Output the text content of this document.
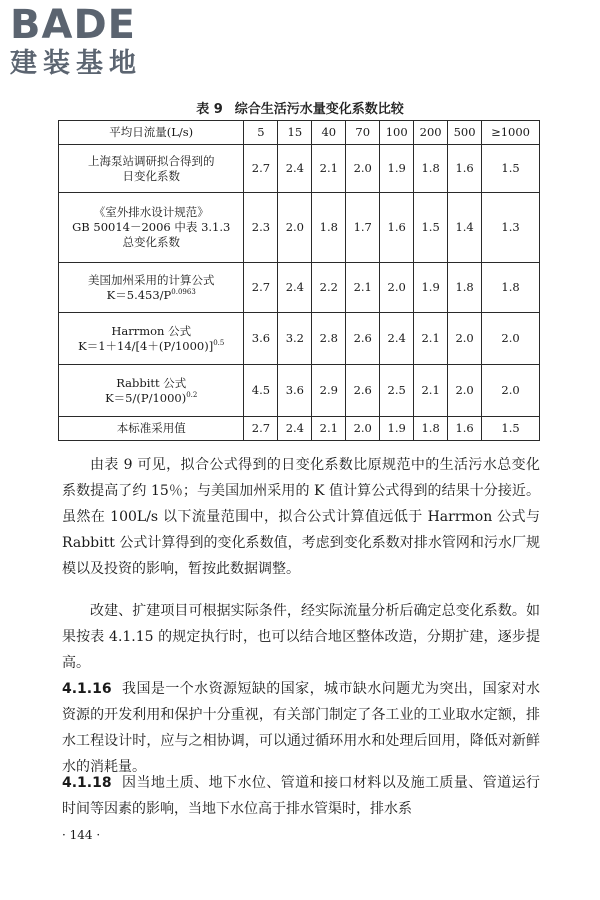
BADE
建装基地
表 9 综合生活污水量变化系数比较
平均日流量(L/s)	5	15	40	70	100	200	500	≥1000

上海泵站调研拟合得到的
日变化系数	2.7	2.4	2.1	2.0	1.9	1.8	1.6	1.5

《室外排水设计规范》
GB 50014－2006 中表 3.1.3
总变化系数	2.3	2.0	1.8	1.7	1.6	1.5	1.4	1.3

美国加州采用的计算公式
$K=5.453/P^{0.0963}$	2.7	2.4	2.2	2.1	2.0	1.9	1.8	1.8

Harrmon 公式
$K=1+14/[4+(P/1000)]^{0.5}$	3.6	3.2	2.8	2.6	2.4	2.1	2.0	2.0

Rabbitt 公式
$K=5/(P/1000)^{0.2}$	4.5	3.6	2.9	2.6	2.5	2.1	2.0	2.0
本标准采用值	2.7	2.4	2.1	2.0	1.9	1.8	1.6	1.5

由表 9 可见，拟合公式得到的日变化系数比原规范中的生活污水总变化系数提高了约 15％；与美国加州采用的 K 值计算公式得到的结果十分接近。虽然在 100L/s 以下流量范围中，拟合公式计算值远低于 Harrmon 公式与 Rabbitt 公式计算得到的变化系数值，考虑到变化系数对排水管网和污水厂规模以及投资的影响，暂按此数据调整。

改建、扩建项目可根据实际条件，经实际流量分析后确定总变化系数。如果按表 4.1.15 的规定执行时，也可以结合地区整体改造，分期扩建，逐步提高。

4.1.16 我国是一个水资源短缺的国家，城市缺水问题尤为突出，国家对水资源的开发利用和保护十分重视，有关部门制定了各工业的工业取水定额，排水工程设计时，应与之相协调，可以通过循环用水和处理后回用，降低对新鲜水的消耗量。

4.1.18 因当地土质、地下水位、管道和接口材料以及施工质量、管道运行时间等因素的影响，当地下水位高于排水管渠时，排水系

· 144 ·
